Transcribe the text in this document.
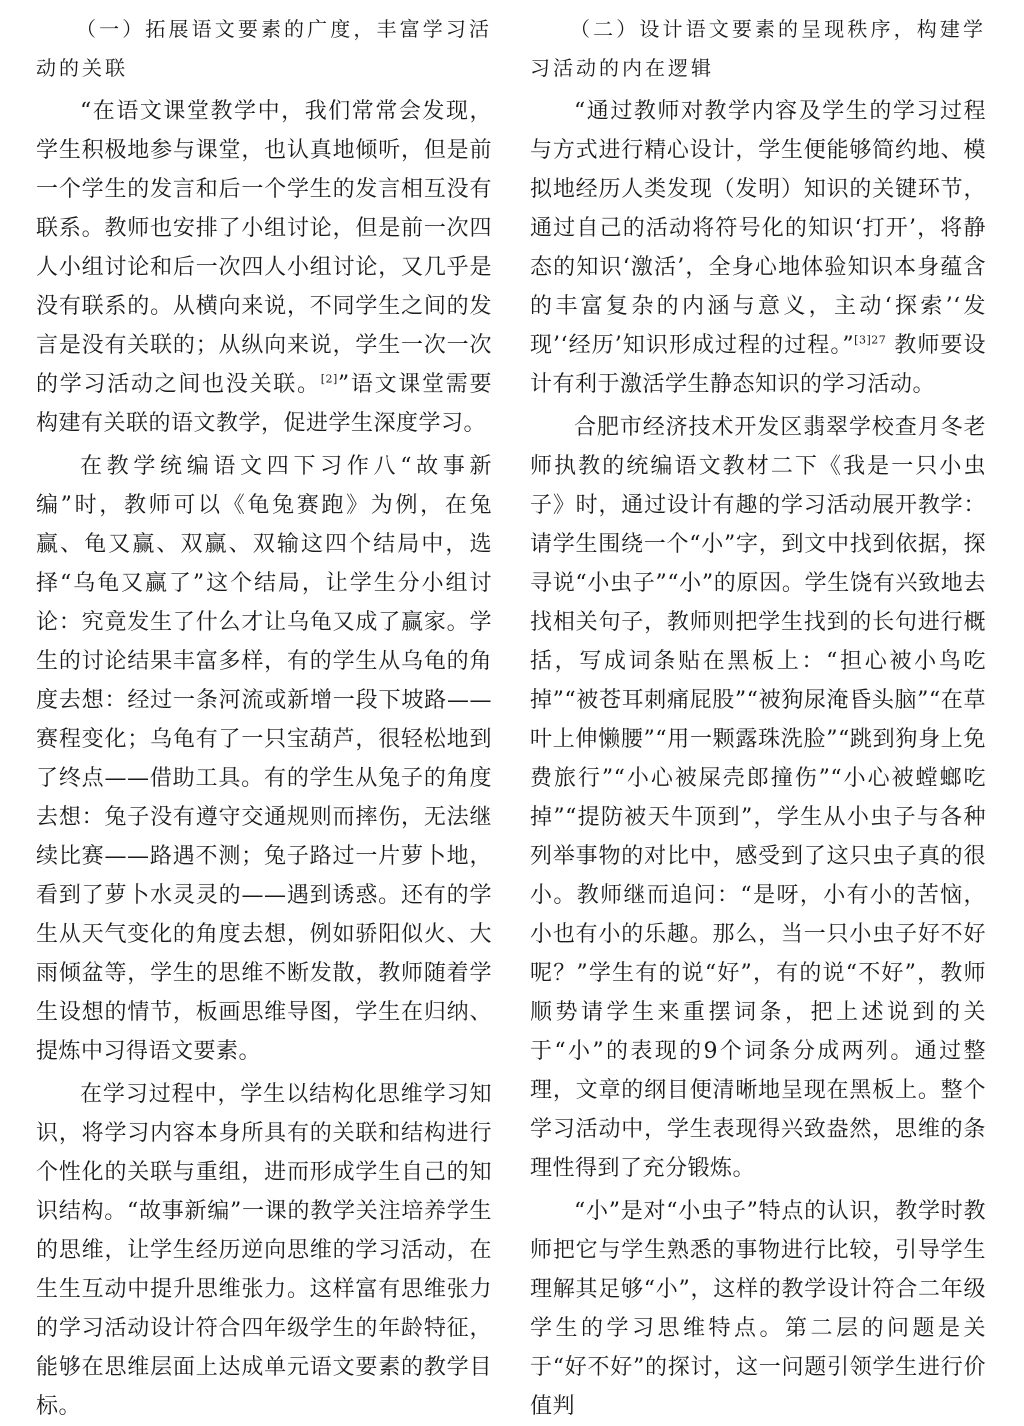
（一）拓展语文要素的广度，丰富学习活动的关联

“在语文课堂教学中，我们常常会发现，学生积极地参与课堂，也认真地倾听，但是前一个学生的发言和后一个学生的发言相互没有联系。教师也安排了小组讨论，但是前一次四人小组讨论和后一次四人小组讨论，又几乎是没有联系的。从横向来说，不同学生之间的发言是没有关联的；从纵向来说，学生一次一次的学习活动之间也没关联。[2]”语文课堂需要构建有关联的语文教学，促进学生深度学习。

在教学统编语文四下习作八“故事新编”时，教师可以《龟兔赛跑》为例，在兔赢、龟又赢、双赢、双输这四个结局中，选择“乌龟又赢了”这个结局，让学生分小组讨论：究竟发生了什么才让乌龟又成了赢家。学生的讨论结果丰富多样，有的学生从乌龟的角度去想：经过一条河流或新增一段下坡路——赛程变化；乌龟有了一只宝葫芦，很轻松地到了终点——借助工具。有的学生从兔子的角度去想：兔子没有遵守交通规则而摔伤，无法继续比赛——路遇不测；兔子路过一片萝卜地，看到了萝卜水灵灵的——遇到诱惑。还有的学生从天气变化的角度去想，例如骄阳似火、大雨倾盆等，学生的思维不断发散，教师随着学生设想的情节，板画思维导图，学生在归纳、提炼中习得语文要素。

在学习过程中，学生以结构化思维学习知识，将学习内容本身所具有的关联和结构进行个性化的关联与重组，进而形成学生自己的知识结构。“故事新编”一课的教学关注培养学生的思维，让学生经历逆向思维的学习活动，在生生互动中提升思维张力。这样富有思维张力的学习活动设计符合四年级学生的年龄特征，能够在思维层面上达成单元语文要素的教学目标。

（二）设计语文要素的呈现秩序，构建学习活动的内在逻辑

“通过教师对教学内容及学生的学习过程与方式进行精心设计，学生便能够简约地、模拟地经历人类发现（发明）知识的关键环节，通过自己的活动将符号化的知识‘打开’，将静态的知识‘激活’，全身心地体验知识本身蕴含的丰富复杂的内涵与意义，主动‘探索’‘发现’‘经历’知识形成过程的过程。”$^{[3]27}$ 教师要设计有利于激活学生静态知识的学习活动。

合肥市经济技术开发区翡翠学校查月冬老师执教的统编语文教材二下《我是一只小虫子》时，通过设计有趣的学习活动展开教学：请学生围绕一个“小”字，到文中找到依据，探寻说“小虫子”“小”的原因。学生饶有兴致地去找相关句子，教师则把学生找到的长句进行概括，写成词条贴在黑板上：“担心被小鸟吃掉”“被苍耳刺痛屁股”“被狗尿淹昏头脑”“在草叶上伸懒腰”“用一颗露珠洗脸”“跳到狗身上免费旅行”“小心被屎壳郎撞伤”“小心被螳螂吃掉”“提防被天牛顶到”，学生从小虫子与各种列举事物的对比中，感受到了这只虫子真的很小。教师继而追问：“是呀，小有小的苦恼，小也有小的乐趣。那么，当一只小虫子好不好呢？”学生有的说“好”，有的说“不好”，教师顺势请学生来重摆词条，把上述说到的关于“小”的表现的9个词条分成两列。通过整理，文章的纲目便清晰地呈现在黑板上。整个学习活动中，学生表现得兴致盎然，思维的条理性得到了充分锻炼。

“小”是对“小虫子”特点的认识，教学时教师把它与学生熟悉的事物进行比较，引导学生理解其足够“小”，这样的教学设计符合二年级学生的学习思维特点。第二层的问题是关于“好不好”的探讨，这一问题引领学生进行价值判
